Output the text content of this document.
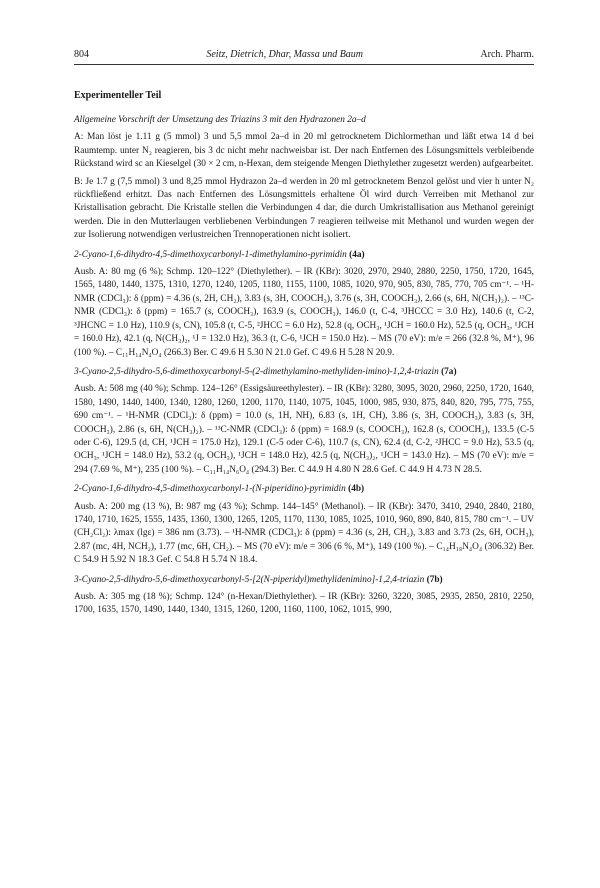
804	Seitz, Dietrich, Dhar, Massa und Baum	Arch. Pharm.
Experimenteller Teil

Allgemeine Vorschrift der Umsetzung des Triazins 3 mit den Hydrazonen 2a–d

A: Man löst je 1.11 g (5 mmol) 3 und 5,5 mmol 2a–d in 20 ml getrocknetem Dichlormethan und läßt etwa 14 d bei Raumtemp. unter N₂ reagieren, bis 3 dc nicht mehr nachweisbar ist. Der nach Entfernen des Lösungsmittels verbleibende Rückstand wird sc an Kieselgel (30 × 2 cm, n-Hexan, dem steigende Mengen Diethylether zugesetzt werden) aufgearbeitet.

B: Je 1.7 g (7,5 mmol) 3 und 8,25 mmol Hydrazon 2a–d werden in 20 ml getrocknetem Benzol gelöst und vier h unter N₂ rückfließend erhitzt. Das nach Entfernen des Lösungsmittels erhaltene Öl wird durch Verreiben mit Methanol zur Kristallisation gebracht. Die Kristalle stellen die Verbindungen 4 dar, die durch Umkristallisation aus Methanol gereinigt werden. Die in den Mutterlaugen verbliebenen Verbindungen 7 reagieren teilweise mit Methanol und wurden wegen der zur Isolierung notwendigen verlustreichen Trennoperationen nicht isoliert.

2-Cyano-1,6-dihydro-4,5-dimethoxycarbonyl-1-dimethylamino-pyrimidin (4a)

Ausb. A: 80 mg (6 %); Schmp. 120–122° (Diethylether). – IR (KBr): 3020, 2970, 2940, 2880, 2250, 1750, 1720, 1645, 1565, 1480, 1440, 1375, 1310, 1270, 1240, 1205, 1180, 1155, 1100, 1085, 1020, 970, 905, 830, 785, 770, 705 cm⁻¹. – ¹H-NMR (CDCl₃): δ (ppm) = 4.36 (s, 2H, CH₂), 3.83 (s, 3H, COOCH₃), 3.76 (s, 3H, COOCH₃), 2.66 (s, 6H, N(CH₃)₂). – ¹³C-NMR (CDCl₃): δ (ppm) = 165.7 (s, COOCH₃), 163.9 (s, COOCH₃), 146.0 (t, C-4, ³JHCCC = 3.0 Hz), 140.6 (t, C-2, ³JHCNC = 1.0 Hz), 110.9 (s, CN), 105.8 (t, C-5, ²JHCC = 6.0 Hz), 52.8 (q, OCH₃, ¹JCH = 160.0 Hz), 52.5 (q, OCH₃, ¹JCH = 160.0 Hz), 42.1 (q, N(CH₃)₂, ¹J = 132.0 Hz), 36.3 (t, C-6, ¹JCH = 150.0 Hz). – MS (70 eV): m/e = 266 (32.8 %, M⁺), 96 (100 %). – C₁₁H₁₄N₄O₄ (266.3) Ber. C 49.6 H 5.30 N 21.0 Gef. C 49.6 H 5.28 N 20.9.

3-Cyano-2,5-dihydro-5,6-dimethoxycarbonyl-5-(2-dimethylamino-methyliden-imino)-1,2,4-triazin (7a)

Ausb. A: 508 mg (40 %); Schmp. 124–126° (Essigsäureethylester). – IR (KBr): 3280, 3095, 3020, 2960, 2250, 1720, 1640, 1580, 1490, 1440, 1400, 1340, 1280, 1260, 1200, 1170, 1140, 1075, 1045, 1000, 985, 930, 875, 840, 820, 795, 775, 755, 690 cm⁻¹. – ¹H-NMR (CDCl₃): δ (ppm) = 10.0 (s, 1H, NH), 6.83 (s, 1H, CH), 3.86 (s, 3H, COOCH₃), 3.83 (s, 3H, COOCH₃), 2.86 (s, 6H, N(CH₃)₂). – ¹³C-NMR (CDCl₃): δ (ppm) = 168.9 (s, COOCH₃), 162.8 (s, COOCH₃), 133.5 (C-5 oder C-6), 129.5 (d, CH, ¹JCH = 175.0 Hz), 129.1 (C-5 oder C-6), 110.7 (s, CN), 62.4 (d, C-2, ²JHCC = 9.0 Hz), 53.5 (q, OCH₃, ¹JCH = 148.0 Hz), 53.2 (q, OCH₃), ¹JCH = 148.0 Hz), 42.5 (q, N(CH₃)₂, ¹JCH = 143.0 Hz). – MS (70 eV): m/e = 294 (7.69 %, M⁺), 235 (100 %). – C₁₁H₁₄N₆O₄ (294.3) Ber. C 44.9 H 4.80 N 28.6 Gef. C 44.9 H 4.73 N 28.5.

2-Cyano-1,6-dihydro-4,5-dimethoxycarbonyl-1-(N-piperidino)-pyrimidin (4b)

Ausb. A: 200 mg (13 %), B: 987 mg (43 %); Schmp. 144–145° (Methanol). – IR (KBr): 3470, 3410, 2940, 2840, 2180, 1740, 1710, 1625, 1555, 1435, 1360, 1300, 1265, 1205, 1170, 1130, 1085, 1025, 1010, 960, 890, 840, 815, 780 cm⁻¹. – UV (CH₂Cl₂): λmax (lgε) = 386 nm (3.73). – ¹H-NMR (CDCl₃): δ (ppm) = 4.36 (s, 2H, CH₂), 3.83 and 3.73 (2s, 6H, OCH₃), 2.87 (mc, 4H, NCH₂), 1.77 (mc, 6H, CH₂). – MS (70 eV): m/e = 306 (6 %, M⁺), 149 (100 %). – C₁₄H₁₈N₄O₄ (306.32) Ber. C 54.9 H 5.92 N 18.3 Gef. C 54.8 H 5.74 N 18.4.

3-Cyano-2,5-dihydro-5,6-dimethoxycarbonyl-5-[2(N-piperidyl)methylidenimino]-1,2,4-triazin (7b)

Ausb. A: 305 mg (18 %); Schmp. 124° (n-Hexan/Diethylether). – IR (KBr): 3260, 3220, 3085, 2935, 2850, 2810, 2250, 1700, 1635, 1570, 1490, 1440, 1340, 1315, 1260, 1200, 1160, 1100, 1062, 1015, 990,
